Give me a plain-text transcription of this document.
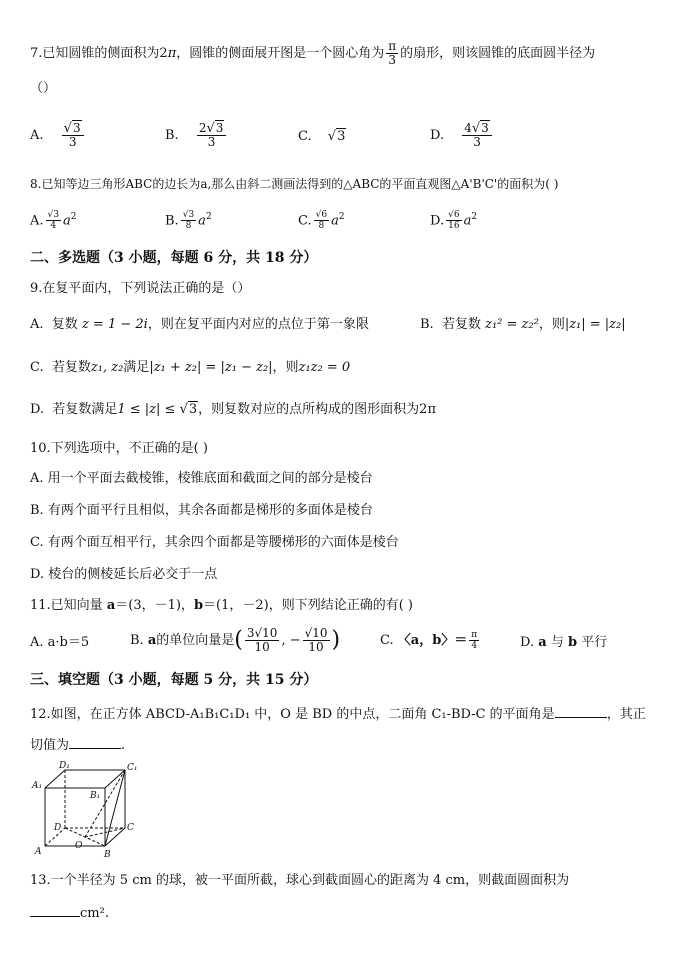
7.已知圆锥的侧面积为2π，圆锥的侧面展开图是一个圆心角为 $\frac{\pi}{3}$ 的扇形，则该圆锥的底面圆半径为
（）
A. $\frac{√3}{3}$	B. $\frac{2√3}{3}$	C. √3	D. $\frac{4√3}{3}$
8.已知等边三角形ABC的边长为a,那么由斜二测画法得到的△ABC的平面直观图△A'B'C'的面积为( )
A. $\frac{√3}{4} a^2$	B. $\frac{√3}{8} a^2$	C. $\frac{√6}{8} a^2$	D. $\frac{√6}{16} a^2$
二、多选题（3 小题，每题 6 分，共 18 分）
9.在复平面内，下列说法正确的是（）
A. 复数 z = 1 − 2i，则在复平面内对应的点位于第一象限	B. 若复数 z₁² = z₂²，则|z₁| = |z₂|
C. 若复数z₁, z₂满足|z₁ + z₂| = |z₁ − z₂|，则z₁z₂ = 0
D. 若复数满足1 ≤ |z| ≤ √3，则复数对应的点所构成的图形面积为2π
10.下列选项中，不正确的是( )
A. 用一个平面去截棱锥，棱锥底面和截面之间的部分是棱台
B. 有两个面平行且相似，其余各面都是梯形的多面体是棱台
C. 有两个面互相平行，其余四个面都是等腰梯形的六面体是棱台
D. 棱台的侧棱延长后必交于一点
11.已知向量 a＝(3，－1)，b＝(1，－2)，则下列结论正确的有( )
A. a·b＝5	B. a的单位向量是( $\frac{3√10}{10}$ , − $\frac{√10}{10}$ )	C. 〈a，b〉＝ $\frac{\pi}{4}$	D. a 与 b 平行
三、填空题（3 小题，每题 5 分，共 15 分）
12.如图，在正方体 ABCD-A₁B₁C₁D₁ 中，O 是 BD 的中点，二面角 C₁-BD-C 的平面角是	，其正
切值为	.
D₁	C₁
A₁
B₁
D	C
A
O
B
13.一个半径为 5 cm 的球，被一平面所截，球心到截面圆心的距离为 4 cm，则截面圆面积为
cm².
